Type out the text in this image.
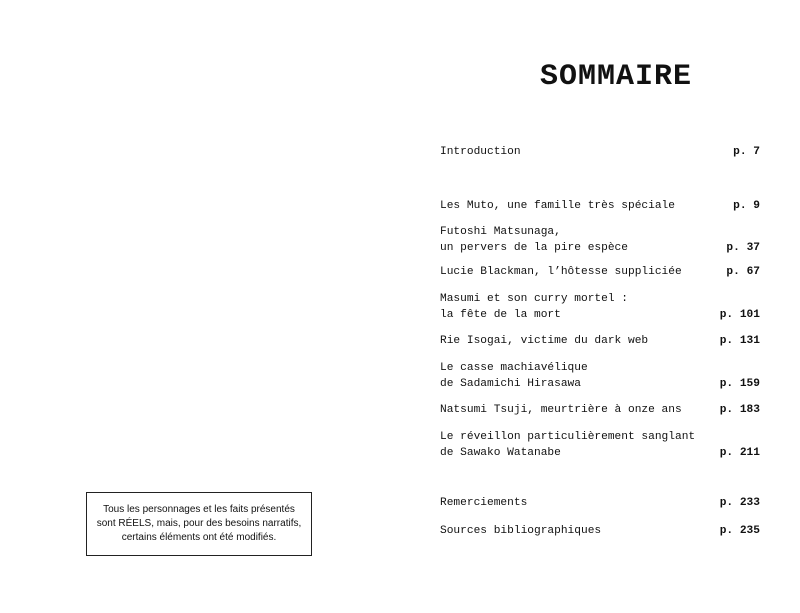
SOMMAIRE
Introduction	p. 7
Les Muto, une famille très spéciale	p. 9
Futoshi Matsunaga,
un pervers de la pire espèce	p. 37
Lucie Blackman, l’hôtesse suppliciée	p. 67
Masumi et son curry mortel :
la fête de la mort	p. 101
Rie Isogai, victime du dark web	p. 131
Le casse machiavélique
de Sadamichi Hirasawa	p. 159
Natsumi Tsuji, meurtrière à onze ans	p. 183
Le réveillon particulièrement sanglant
de Sawako Watanabe	p. 211
Remerciements	p. 233
Sources bibliographiques	p. 235
Tous les personnages et les faits présentés
sont RÉELS, mais, pour des besoins narratifs,
certains éléments ont été modifiés.
